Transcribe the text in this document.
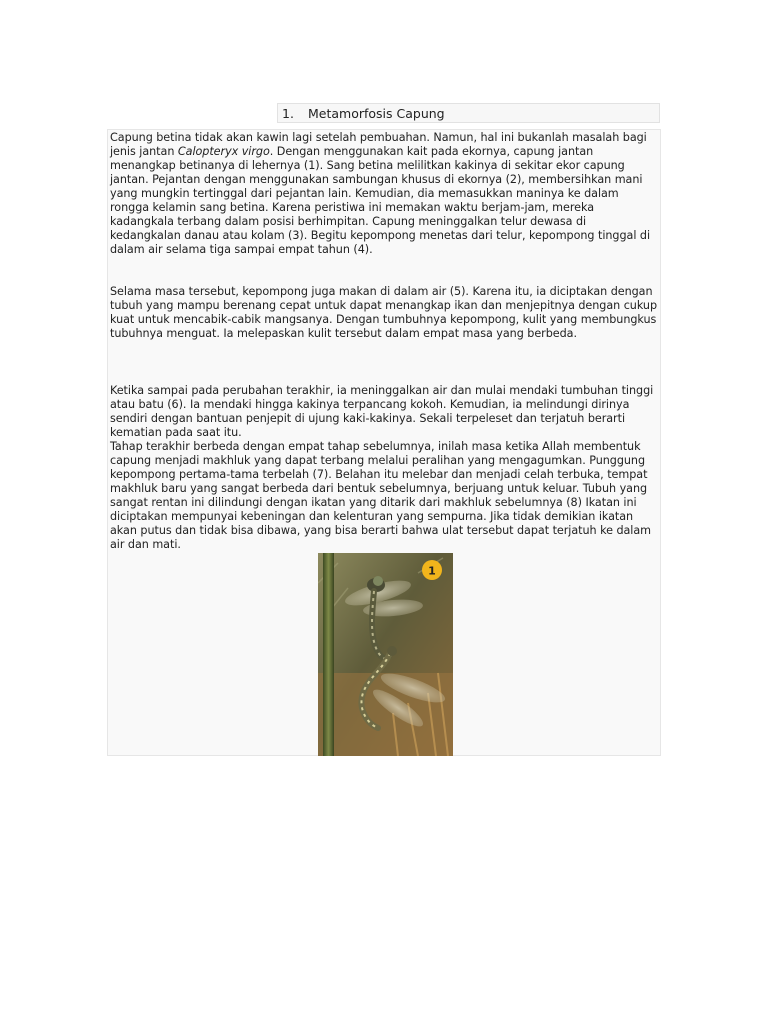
1. Metamorfosis Capung

Capung betina tidak akan kawin lagi setelah pembuahan. Namun, hal ini bukanlah masalah bagi jenis jantan Calopteryx virgo. Dengan menggunakan kait pada ekornya, capung jantan menangkap betinanya di lehernya (1). Sang betina melilitkan kakinya di sekitar ekor capung jantan. Pejantan dengan menggunakan sambungan khusus di ekornya (2), membersihkan mani yang mungkin tertinggal dari pejantan lain. Kemudian, dia memasukkan maninya ke dalam rongga kelamin sang betina. Karena peristiwa ini memakan waktu berjam-jam, mereka kadangkala terbang dalam posisi berhimpitan. Capung meninggalkan telur dewasa di kedangkalan danau atau kolam (3). Begitu kepompong menetas dari telur, kepompong tinggal di dalam air selama tiga sampai empat tahun (4).

Selama masa tersebut, kepompong juga makan di dalam air (5). Karena itu, ia diciptakan dengan tubuh yang mampu berenang cepat untuk dapat menangkap ikan dan menjepitnya dengan cukup kuat untuk mencabik-cabik mangsanya. Dengan tumbuhnya kepompong, kulit yang membungkus tubuhnya menguat. Ia melepaskan kulit tersebut dalam empat masa yang berbeda.

Ketika sampai pada perubahan terakhir, ia meninggalkan air dan mulai mendaki tumbuhan tinggi atau batu (6). Ia mendaki hingga kakinya terpancang kokoh. Kemudian, ia melindungi dirinya sendiri dengan bantuan penjepit di ujung kaki-kakinya. Sekali terpeleset dan terjatuh berarti kematian pada saat itu.

Tahap terakhir berbeda dengan empat tahap sebelumnya, inilah masa ketika Allah membentuk capung menjadi makhluk yang dapat terbang melalui peralihan yang mengagumkan. Punggung kepompong pertama-tama terbelah (7). Belahan itu melebar dan menjadi celah terbuka, tempat makhluk baru yang sangat berbeda dari bentuk sebelumnya, berjuang untuk keluar. Tubuh yang sangat rentan ini dilindungi dengan ikatan yang ditarik dari makhluk sebelumnya (8) Ikatan ini diciptakan mempunyai kebeningan dan kelenturan yang sempurna. Jika tidak demikian ikatan akan putus dan tidak bisa dibawa, yang bisa berarti bahwa ulat tersebut dapat terjatuh ke dalam air dan mati.

1
